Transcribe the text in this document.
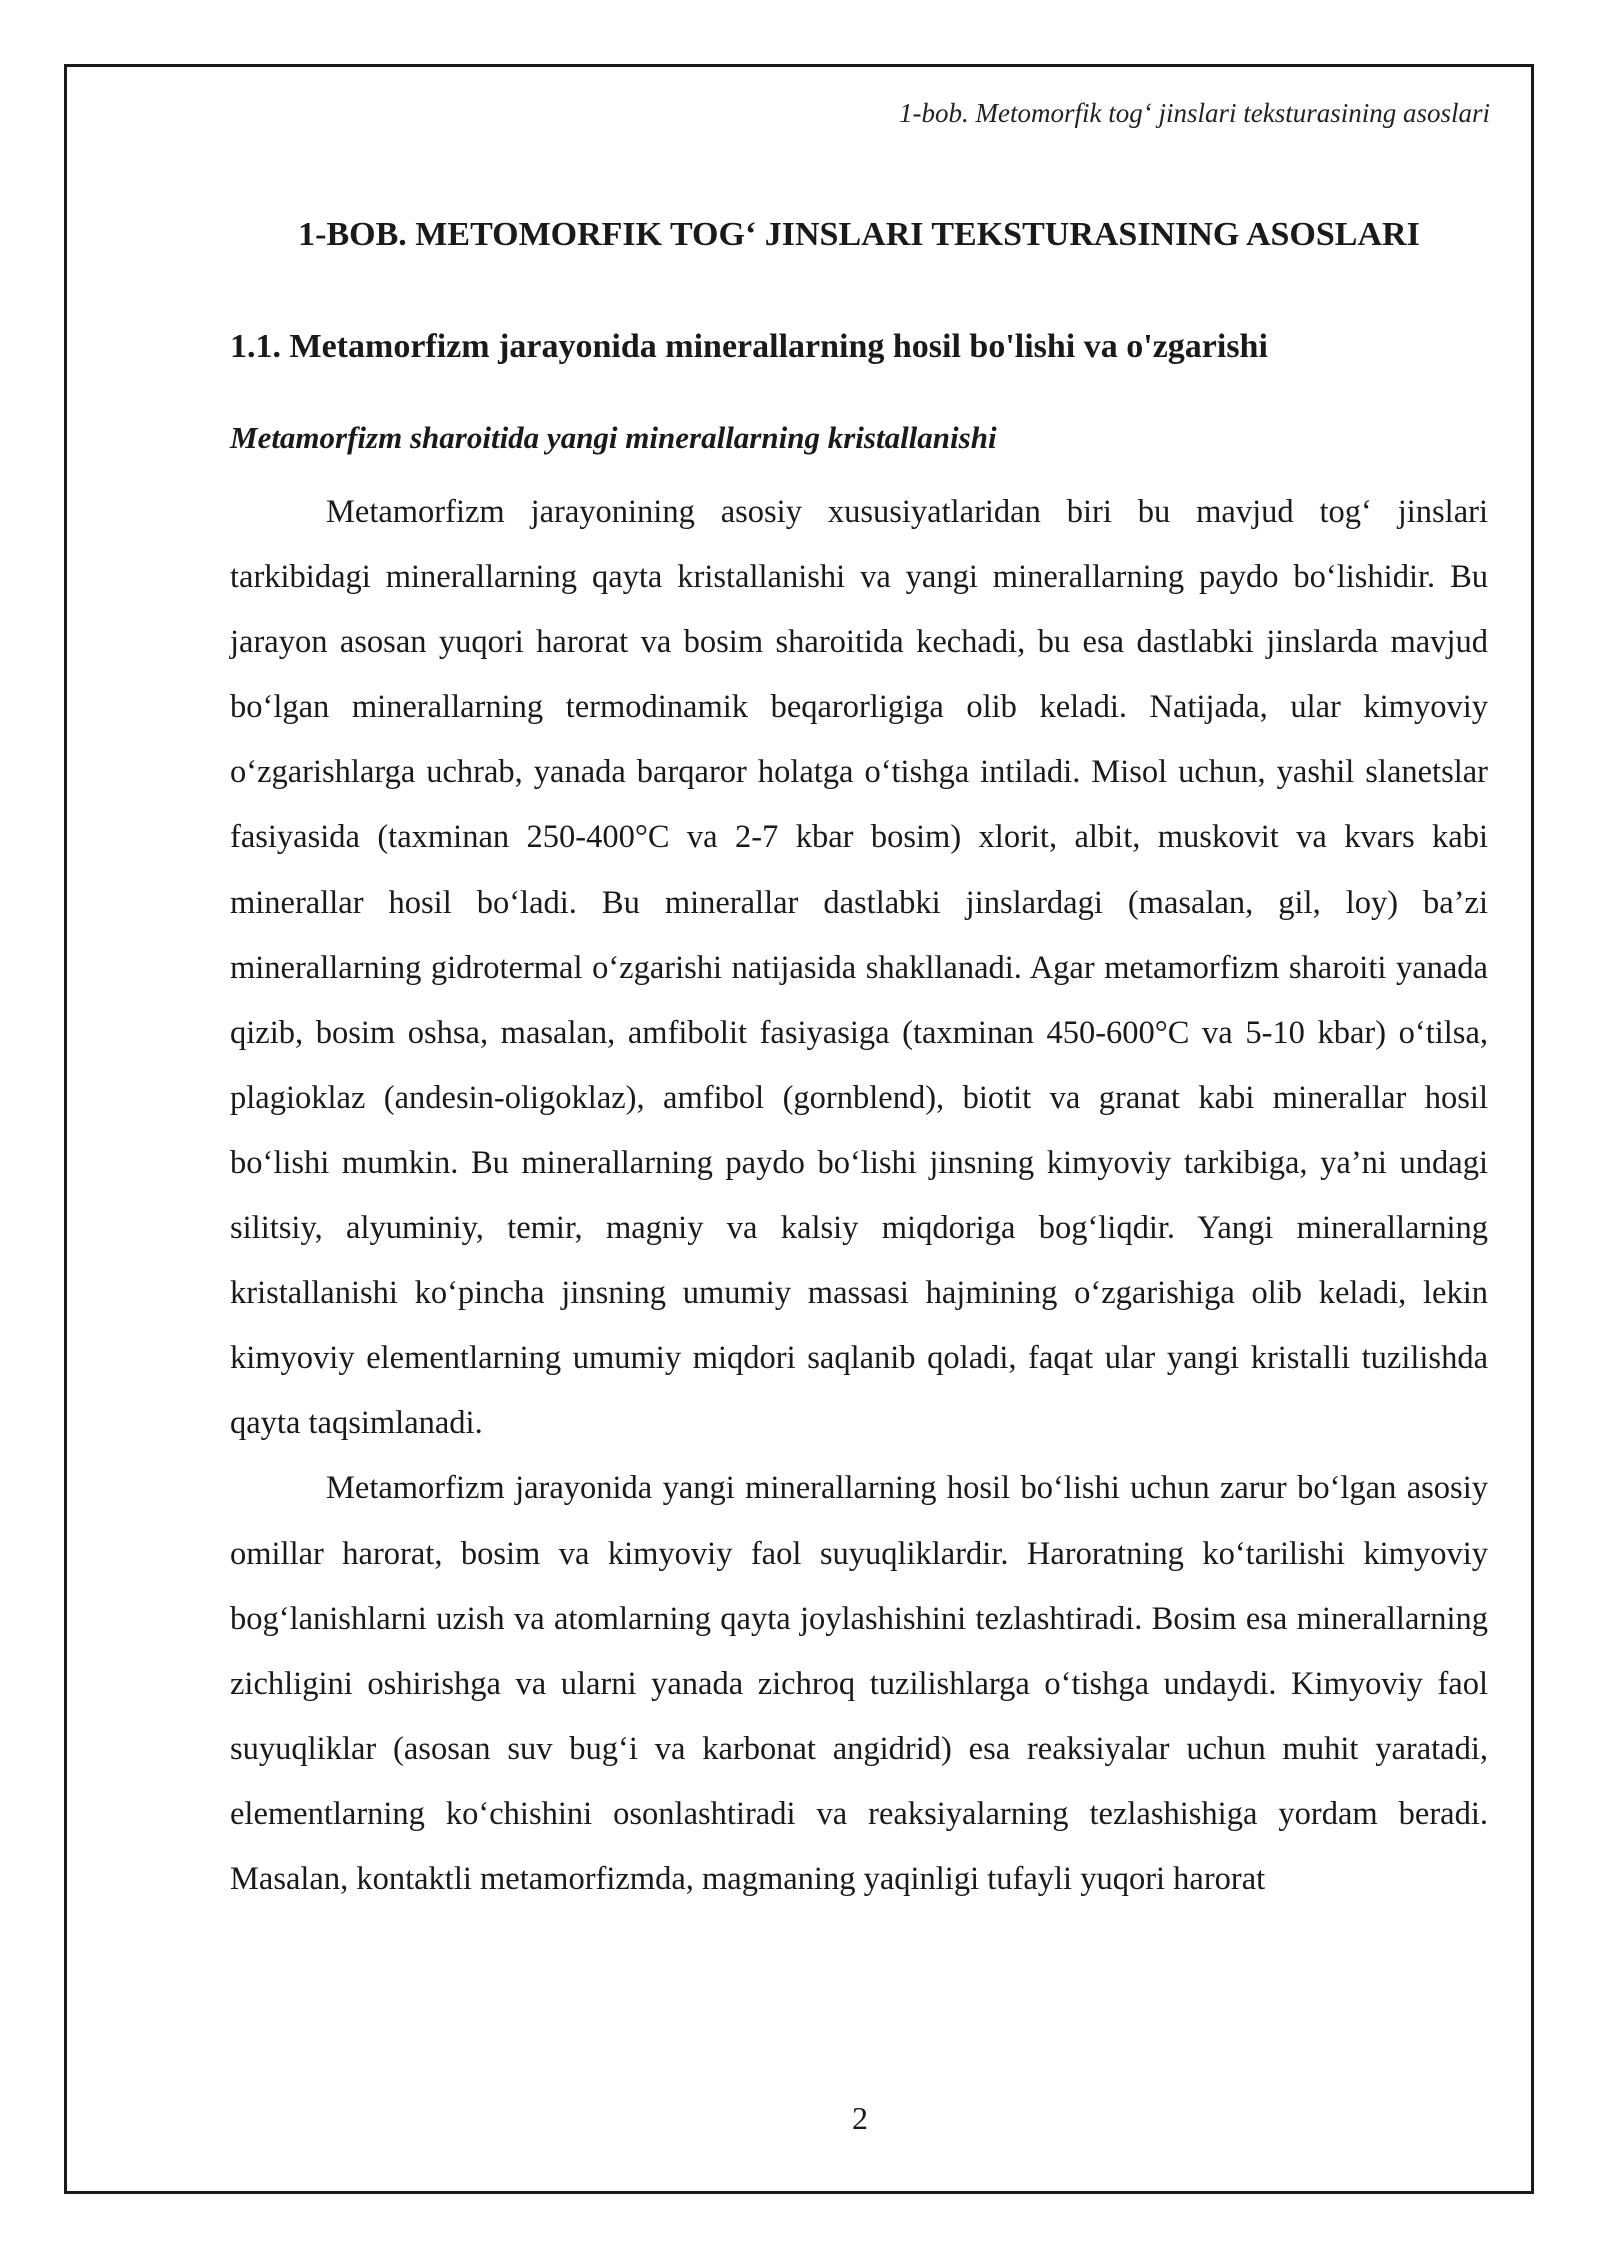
1-bob. Metomorfik tog‘ jinslari teksturasining asoslari
1-BOB. METOMORFIK TOG‘ JINSLARI TEKSTURASINING ASOSLARI
1.1. Metamorfizm jarayonida minerallarning hosil bo'lishi va o'zgarishi
Metamorfizm sharoitida yangi minerallarning kristallanishi

Metamorfizm jarayonining asosiy xususiyatlaridan biri bu mavjud tog‘ jinslari tarkibidagi minerallarning qayta kristallanishi va yangi minerallarning paydo bo‘lishidir. Bu jarayon asosan yuqori harorat va bosim sharoitida kechadi, bu esa dastlabki jinslarda mavjud bo‘lgan minerallarning termodinamik beqarorligiga olib keladi. Natijada, ular kimyoviy o‘zgarishlarga uchrab, yanada barqaror holatga o‘tishga intiladi. Misol uchun, yashil slanetslar fasiyasida (taxminan 250-400°C va 2-7 kbar bosim) xlorit, albit, muskovit va kvars kabi minerallar hosil bo‘ladi. Bu minerallar dastlabki jinslardagi (masalan, gil, loy) ba’zi minerallarning gidrotermal o‘zgarishi natijasida shakllanadi. Agar metamorfizm sharoiti yanada qizib, bosim oshsa, masalan, amfibolit fasiyasiga (taxminan 450-600°C va 5-10 kbar) o‘tilsa, plagioklaz (andesin-oligoklaz), amfibol (gornblend), biotit va granat kabi minerallar hosil bo‘lishi mumkin. Bu minerallarning paydo bo‘lishi jinsning kimyoviy tarkibiga, ya’ni undagi silitsiy, alyuminiy, temir, magniy va kalsiy miqdoriga bog‘liqdir. Yangi minerallarning kristallanishi ko‘pincha jinsning umumiy massasi hajmining o‘zgarishiga olib keladi, lekin kimyoviy elementlarning umumiy miqdori saqlanib qoladi, faqat ular yangi kristalli tuzilishda qayta taqsimlanadi.

Metamorfizm jarayonida yangi minerallarning hosil bo‘lishi uchun zarur bo‘lgan asosiy omillar harorat, bosim va kimyoviy faol suyuqliklardir. Haroratning ko‘tarilishi kimyoviy bog‘lanishlarni uzish va atomlarning qayta joylashishini tezlashtiradi. Bosim esa minerallarning zichligini oshirishga va ularni yanada zichroq tuzilishlarga o‘tishga undaydi. Kimyoviy faol suyuqliklar (asosan suv bug‘i va karbonat angidrid) esa reaksiyalar uchun muhit yaratadi, elementlarning ko‘chishini osonlashtiradi va reaksiyalarning tezlashishiga yordam beradi. Masalan, kontaktli metamorfizmda, magmaning yaqinligi tufayli yuqori harorat

2
